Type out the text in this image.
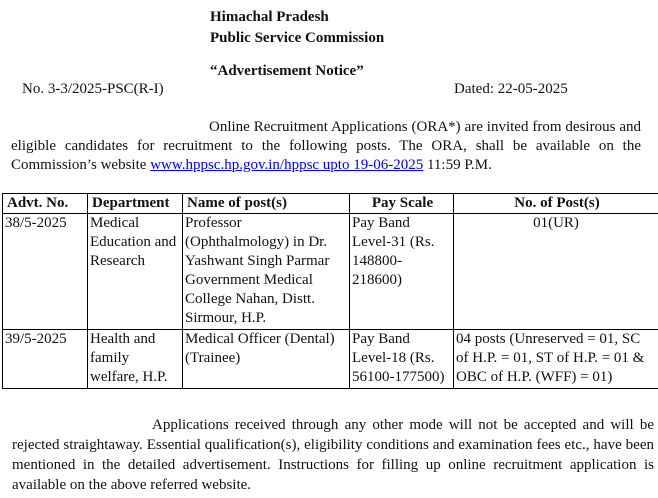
Himachal Pradesh
Public Service Commission
“Advertisement Notice”
No. 3-3/2025-PSC(R-I)	Dated: 22-05-2025
Online Recruitment Applications (ORA*) are invited from desirous and eligible candidates for recruitment to the following posts. The ORA, shall be available on the Commission’s website www.hppsc.hp.gov.in/hppsc upto 19-06-2025 11:59 P.M.
Advt. No.	Department	Name of post(s)	Pay Scale	No. of Post(s)
38/5-2025	Medical Education and Research	Professor (Ophthalmology) in Dr. Yashwant Singh Parmar Government Medical College Nahan, Distt. Sirmour, H.P.	Pay Band Level-31 (Rs. 148800-218600)	01(UR)
39/5-2025	Health and family welfare, H.P.	Medical Officer (Dental) (Trainee)	Pay Band Level-18 (Rs. 56100-177500)	04 posts (Unreserved = 01, SC of H.P. = 01, ST of H.P. = 01 & OBC of H.P. (WFF) = 01)
Applications received through any other mode will not be accepted and will be rejected straightaway. Essential qualification(s), eligibility conditions and examination fees etc., have been mentioned in the detailed advertisement. Instructions for filling up online recruitment application is available on the above referred website.
